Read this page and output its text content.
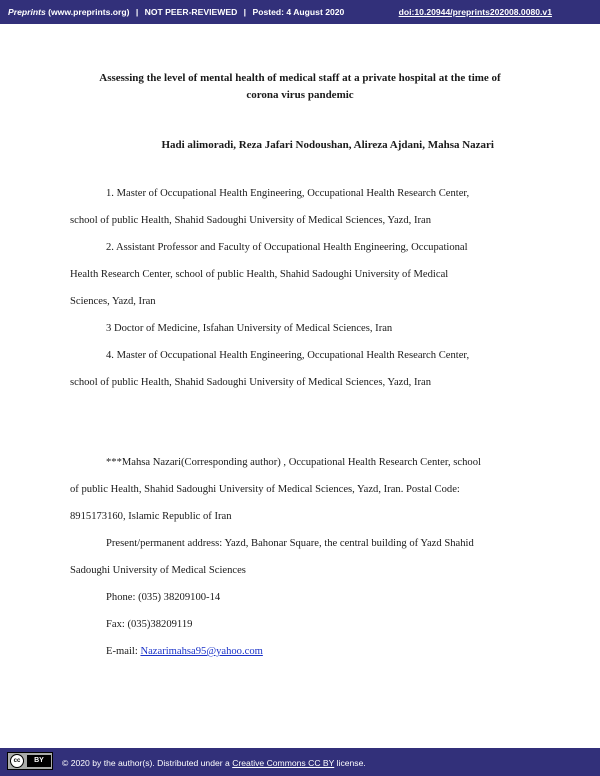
Preprints (www.preprints.org) | NOT PEER-REVIEWED | Posted: 4 August 2020	doi:10.20944/preprints202008.0080.v1
Assessing the level of mental health of medical staff at a private hospital at the time of
corona virus pandemic
Hadi alimoradi, Reza Jafari Nodoushan, Alireza Ajdani, Mahsa Nazari
1. Master of Occupational Health Engineering, Occupational Health Research Center,
school of public Health, Shahid Sadoughi University of Medical Sciences, Yazd, Iran
2. Assistant Professor and Faculty of Occupational Health Engineering, Occupational
Health Research Center, school of public Health, Shahid Sadoughi University of Medical
Sciences, Yazd, Iran
3 Doctor of Medicine, Isfahan University of Medical Sciences, Iran
4. Master of Occupational Health Engineering, Occupational Health Research Center,
school of public Health, Shahid Sadoughi University of Medical Sciences, Yazd, Iran
***Mahsa Nazari(Corresponding author) , Occupational Health Research Center, school
of public Health, Shahid Sadoughi University of Medical Sciences, Yazd, Iran. Postal Code:
8915173160, Islamic Republic of Iran
Present/permanent address: Yazd, Bahonar Square, the central building of Yazd Shahid
Sadoughi University of Medical Sciences
Phone: (035) 38209100-14
Fax: (035)38209119
E-mail: Nazarimahsa95@yahoo.com
cc	BY	© 2020 by the author(s). Distributed under a Creative Commons CC BY license.
